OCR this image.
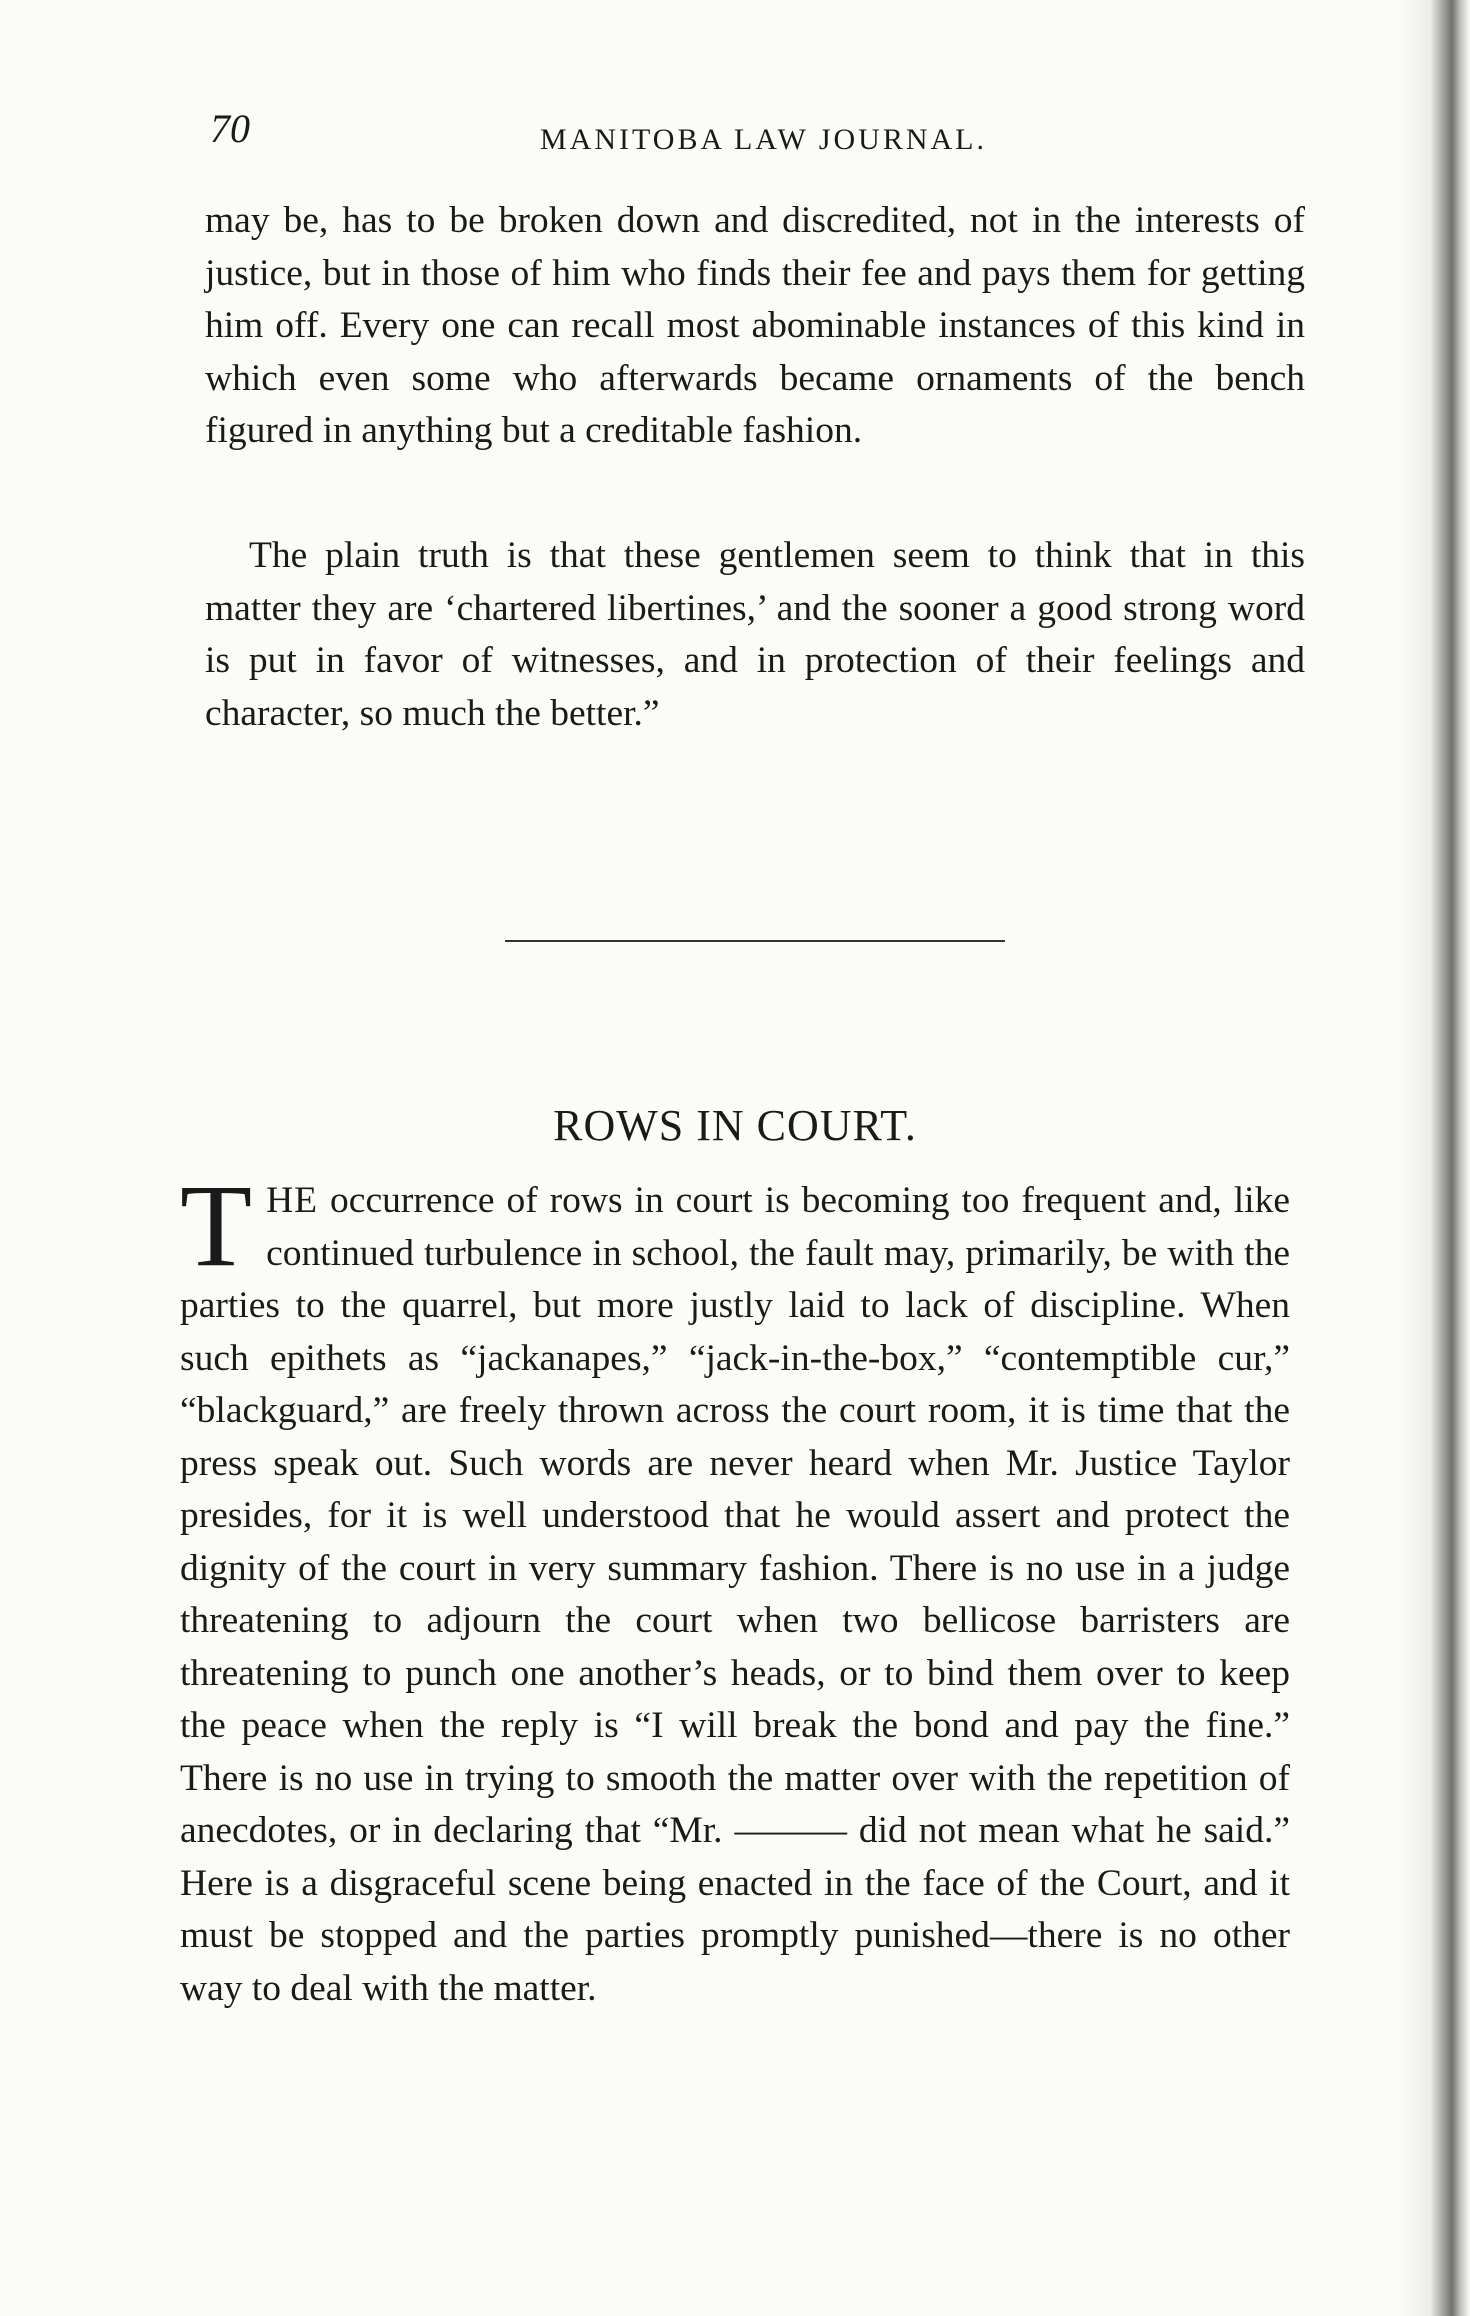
70	MANITOBA LAW JOURNAL.

may be, has to be broken down and discredited, not in the interests of justice, but in those of him who finds their fee and pays them for getting him off. Every one can recall most abominable instances of this kind in which even some who afterwards became ornaments of the bench figured in anything but a creditable fashion.

The plain truth is that these gentlemen seem to think that in this matter they are ‘chartered libertines,’ and the sooner a good strong word is put in favor of witnesses, and in protection of their feelings and character, so much the better.”

ROWS IN COURT.

THE occurrence of rows in court is becoming too frequent and, like continued turbulence in school, the fault may, primarily, be with the parties to the quarrel, but more justly laid to lack of discipline. When such epithets as “jackanapes,” “jack-in-the-box,” “contemptible cur,” “blackguard,” are freely thrown across the court room, it is time that the press speak out. Such words are never heard when Mr. Justice Taylor presides, for it is well understood that he would assert and protect the dignity of the court in very summary fashion. There is no use in a judge threatening to adjourn the court when two bellicose barristers are threatening to punch one another’s heads, or to bind them over to keep the peace when the reply is “I will break the bond and pay the fine.” There is no use in trying to smooth the matter over with the repetition of anecdotes, or in declaring that “Mr. ——— did not mean what he said.” Here is a disgraceful scene being enacted in the face of the Court, and it must be stopped and the parties promptly punished—there is no other way to deal with the matter.
